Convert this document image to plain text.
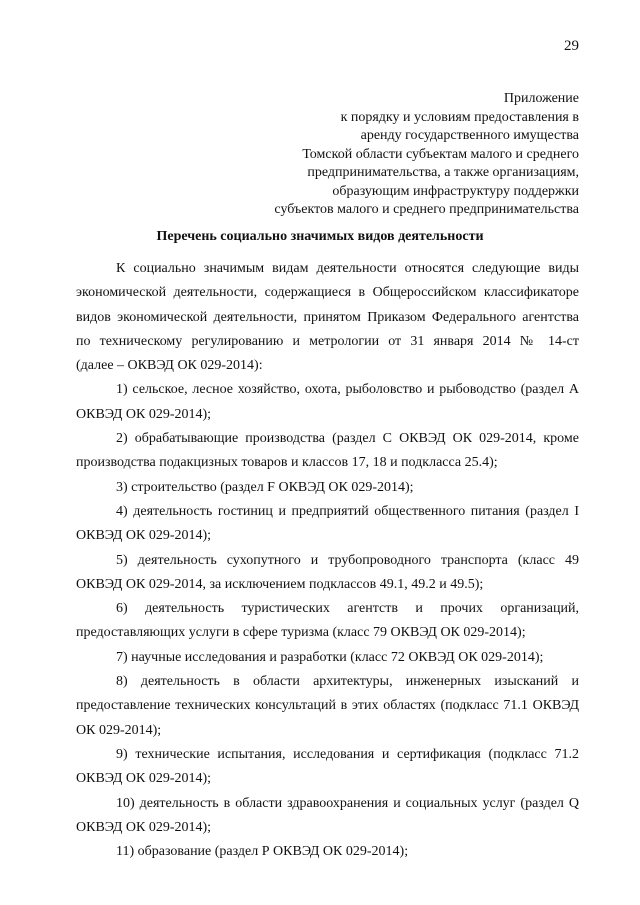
29
Приложение
к порядку и условиям предоставления в
аренду государственного имущества
Томской области субъектам малого и среднего
предпринимательства, а также организациям,
образующим инфраструктуру поддержки
субъектов малого и среднего предпринимательства
Перечень социально значимых видов деятельности
К социально значимым видам деятельности относятся следующие виды
экономической деятельности, содержащиеся в Общероссийском классификаторе
видов экономической деятельности, принятом Приказом Федерального агентства
по техническому регулированию и метрологии от 31 января 2014 № 14-ст
(далее – ОКВЭД ОК 029-2014):
1) сельское, лесное хозяйство, охота, рыболовство и рыбоводство (раздел А
ОКВЭД ОК 029-2014);
2) обрабатывающие производства (раздел С ОКВЭД ОК 029-2014, кроме
производства подакцизных товаров и классов 17, 18 и подкласса 25.4);
3) строительство (раздел F ОКВЭД ОК 029-2014);
4) деятельность гостиниц и предприятий общественного питания (раздел I
ОКВЭД ОК 029-2014);
5) деятельность сухопутного и трубопроводного транспорта (класс 49
ОКВЭД ОК 029-2014, за исключением подклассов 49.1, 49.2 и 49.5);
6) деятельность туристических агентств и прочих организаций,
предоставляющих услуги в сфере туризма (класс 79 ОКВЭД ОК 029-2014);
7) научные исследования и разработки (класс 72 ОКВЭД ОК 029-2014);
8) деятельность в области архитектуры, инженерных изысканий и
предоставление технических консультаций в этих областях (подкласс 71.1 ОКВЭД
ОК 029-2014);
9) технические испытания, исследования и сертификация (подкласс 71.2
ОКВЭД ОК 029-2014);
10) деятельность в области здравоохранения и социальных услуг (раздел Q
ОКВЭД ОК 029-2014);
11) образование (раздел Р ОКВЭД ОК 029-2014);
